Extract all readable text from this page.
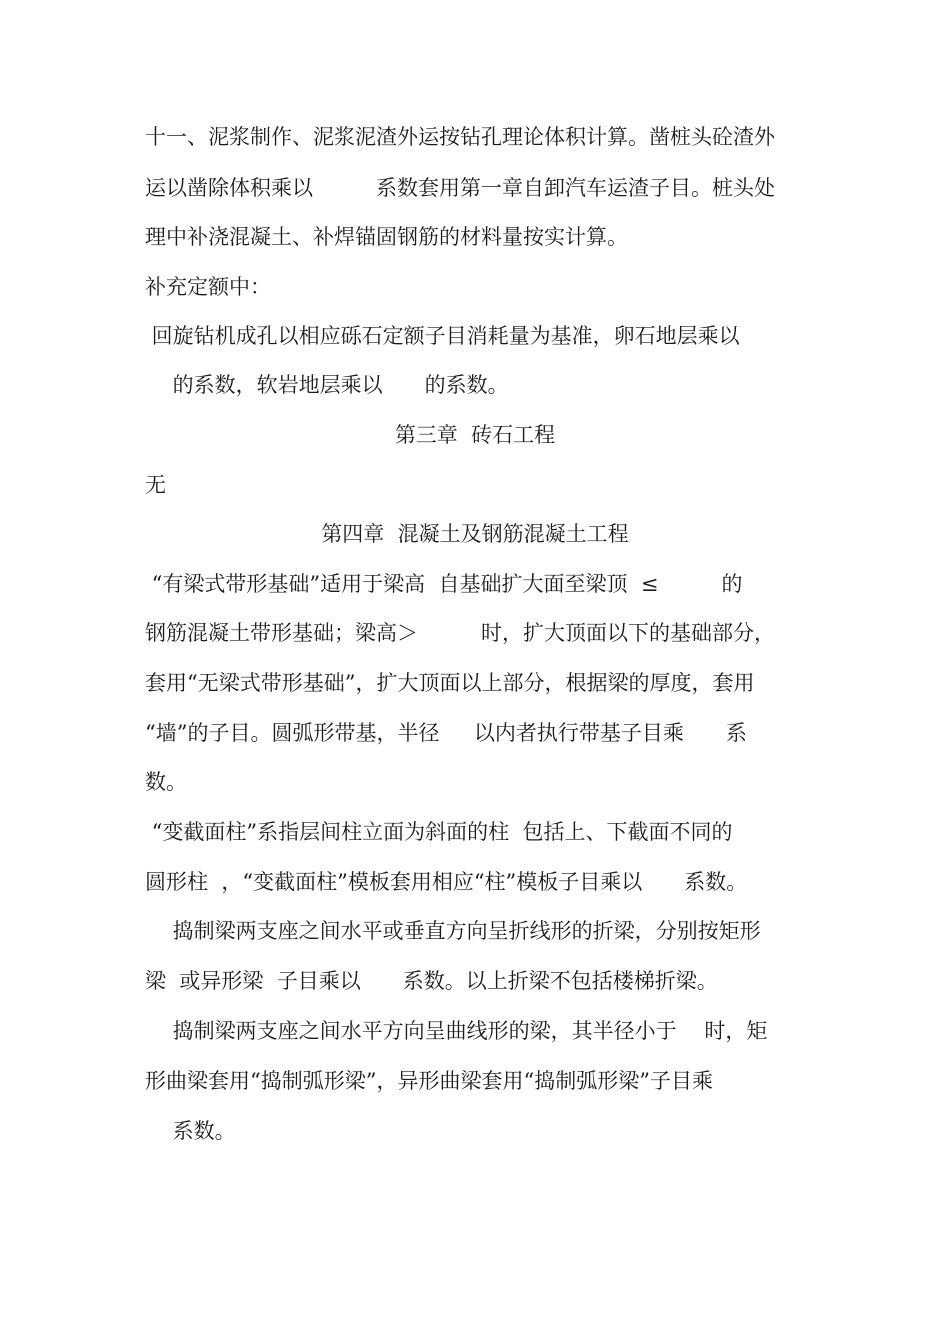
十一、泥浆制作、泥浆泥渣外运按钻孔理论体积计算。凿桩头砼渣外

运以凿除体积乘以　　　系数套用第一章自卸汽车运渣子目。桩头处

理中补浇混凝土、补焊锚固钢筋的材料量按实计算。

补充定额中：

回旋钻机成孔以相应砾石定额子目消耗量为基准，卵石地层乘以

　 的系数，软岩地层乘以　　的系数。

第三章  砖石工程

无

第四章  混凝土及钢筋混凝土工程

“有梁式带形基础”适用于梁高  自基础扩大面至梁顶  ≤　　　的

钢筋混凝土带形基础；梁高＞　　　时，扩大顶面以下的基础部分，

套用“无梁式带形基础”，扩大顶面以上部分，根据梁的厚度，套用

“墙”的子目。圆弧形带基，半径　  以内者执行带基子目乘　　系

数。

“变截面柱”系指层间柱立面为斜面的柱  包括上、下截面不同的

圆形柱  ，“变截面柱”模板套用相应“柱”模板子目乘以　　系数。

　捣制梁两支座之间水平或垂直方向呈折线形的折梁，分别按矩形

梁  或异形梁  子目乘以　　系数。以上折梁不包括楼梯折梁。

　捣制梁两支座之间水平方向呈曲线形的梁，其半径小于　 时，矩

形曲梁套用“捣制弧形梁”，异形曲梁套用“捣制弧形梁”子目乘

　 系数。
